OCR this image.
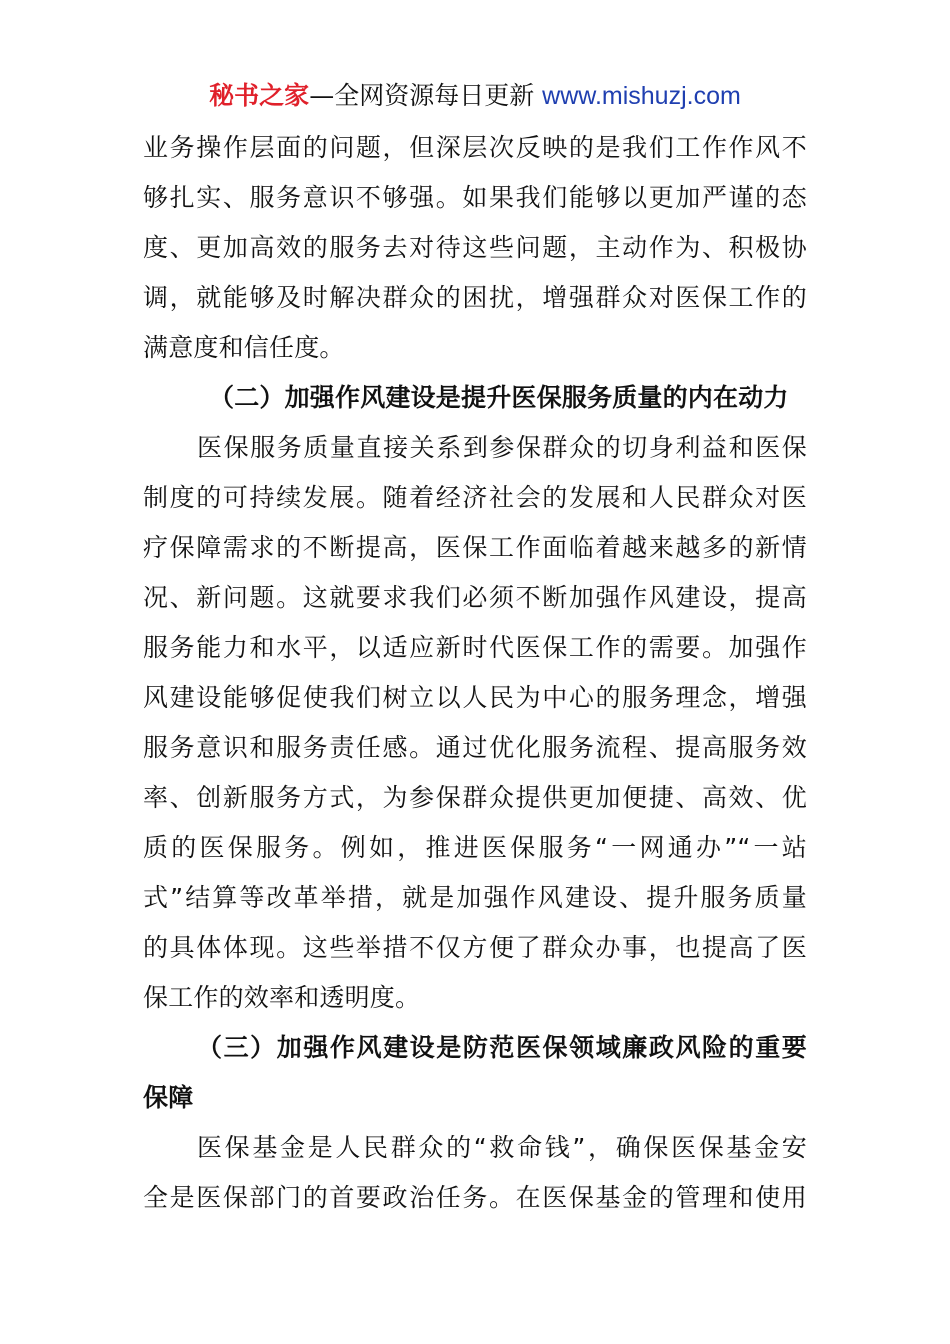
秘书之家—全网资源每日更新 www.mishuzj.com
业务操作层面的问题，但深层次反映的是我们工作作风不
够扎实、服务意识不够强。如果我们能够以更加严谨的态
度、更加高效的服务去对待这些问题，主动作为、积极协
调，就能够及时解决群众的困扰，增强群众对医保工作的
满意度和信任度。
（二）加强作风建设是提升医保服务质量的内在动力
医保服务质量直接关系到参保群众的切身利益和医保
制度的可持续发展。随着经济社会的发展和人民群众对医
疗保障需求的不断提高，医保工作面临着越来越多的新情
况、新问题。这就要求我们必须不断加强作风建设，提高
服务能力和水平，以适应新时代医保工作的需要。加强作
风建设能够促使我们树立以人民为中心的服务理念，增强
服务意识和服务责任感。通过优化服务流程、提高服务效
率、创新服务方式，为参保群众提供更加便捷、高效、优
质的医保服务。例如，推进医保服务“一网通办”“一站
式”结算等改革举措，就是加强作风建设、提升服务质量
的具体体现。这些举措不仅方便了群众办事，也提高了医
保工作的效率和透明度。
（三）加强作风建设是防范医保领域廉政风险的重要
保障
医保基金是人民群众的“救命钱”，确保医保基金安
全是医保部门的首要政治任务。在医保基金的管理和使用
